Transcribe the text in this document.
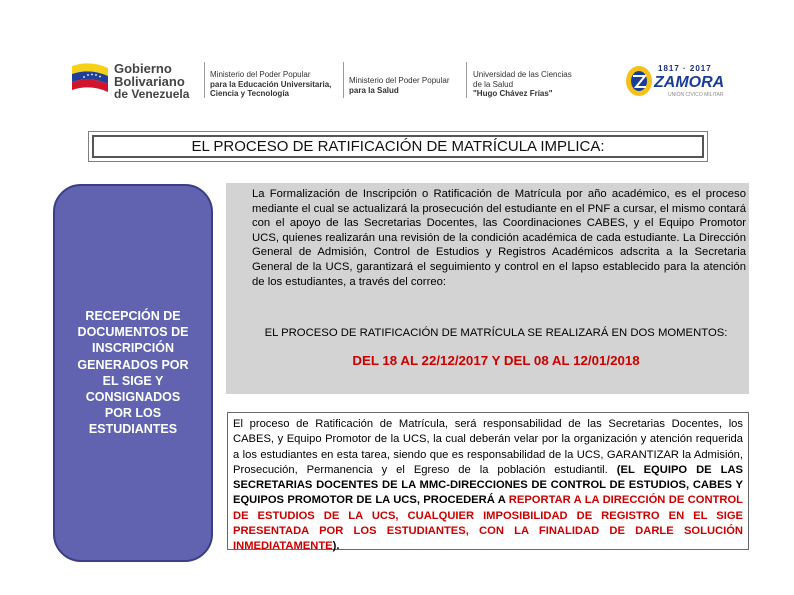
Gobierno
Bolivariano
de Venezuela
Ministerio del Poder Popular
para la Educación Universitaria,
Ciencia y Tecnología
Ministerio del Poder Popular
para la Salud
Universidad de las Ciencias
de la Salud
"Hugo Chávez Frías"
1817 · 2017
ZAMORA
UNIÓN CÍVICO MILITAR
EL PROCESO DE RATIFICACIÓN DE MATRÍCULA IMPLICA:
RECEPCIÓN DE
DOCUMENTOS DE
INSCRIPCIÓN
GENERADOS POR
EL SIGE Y
CONSIGNADOS
POR LOS
ESTUDIANTES
La Formalización de Inscripción o Ratificación de Matrícula por año académico, es el proceso mediante el cual se actualizará la prosecución del estudiante en el PNF a cursar, el mismo contará con el apoyo de las Secretarias Docentes, las Coordinaciones CABES, y el Equipo Promotor UCS, quienes realizarán una revisión de la condición académica de cada estudiante. La Dirección General de Admisión, Control de Estudios y Registros Académicos adscrita a la Secretaria General de la UCS, garantizará el seguimiento y control en el lapso establecido para la atención de los estudiantes, a través del correo:
EL PROCESO DE RATIFICACIÓN DE MATRÍCULA SE REALIZARÁ EN DOS MOMENTOS:
DEL 18 AL 22/12/2017 Y DEL 08 AL 12/01/2018

El proceso de Ratificación de Matrícula, será responsabilidad de las Secretarias Docentes, los CABES, y Equipo Promotor de la UCS, la cual deberán velar por la organización y atención requerida a los estudiantes en esta tarea, siendo que es responsabilidad de la UCS, GARANTIZAR la Admisión, Prosecución, Permanencia y el Egreso de la población estudiantil. (EL EQUIPO DE LAS SECRETARIAS DOCENTES DE LA MMC-DIRECCIONES DE CONTROL DE ESTUDIOS, CABES Y EQUIPOS PROMOTOR DE LA UCS, PROCEDERÁ A REPORTAR A LA DIRECCIÓN DE CONTROL DE ESTUDIOS DE LA UCS, CUALQUIER IMPOSIBILIDAD DE REGISTRO EN EL SIGE PRESENTADA POR LOS ESTUDIANTES, CON LA FINALIDAD DE DARLE SOLUCIÓN INMEDIATAMENTE).
